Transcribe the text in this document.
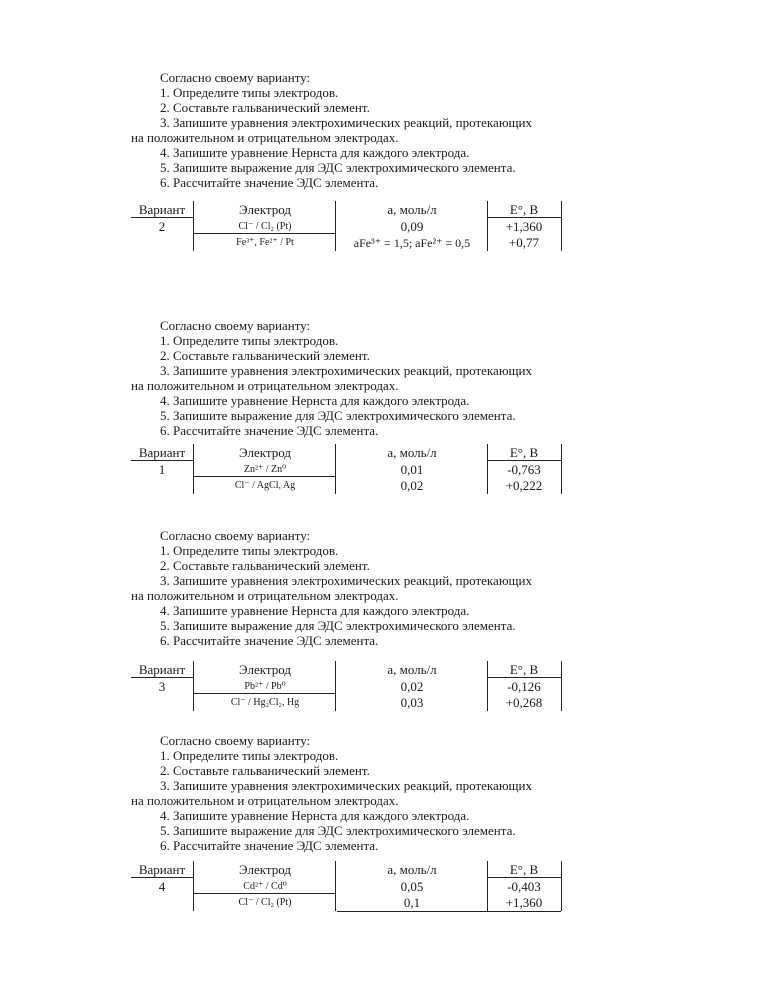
Согласно своему варианту:
1. Определите типы электродов.
2. Составьте гальванический элемент.
3. Запишите уравнения электрохимических реакций, протекающих
на положительном и отрицательном электродах.
4. Запишите уравнение Нернста для каждого электрода.
5. Запишите выражение для ЭДС электрохимического элемента.
6. Рассчитайте значение ЭДС элемента.
Вариант
2
Электрод
Cl⁻ / Cl₂ (Pt)
Fe³⁺, Fe²⁺ / Pt
a, моль/л
0,09
aFe³⁺ = 1,5; aFe²⁺ = 0,5
E°, В
+1,360
+0,77
Согласно своему варианту:
1. Определите типы электродов.
2. Составьте гальванический элемент.
3. Запишите уравнения электрохимических реакций, протекающих
на положительном и отрицательном электродах.
4. Запишите уравнение Нернста для каждого электрода.
5. Запишите выражение для ЭДС электрохимического элемента.
6. Рассчитайте значение ЭДС элемента.
Вариант
1
Электрод
Zn²⁺ / Zn⁰
Cl⁻ / AgCl, Ag
a, моль/л
0,01
0,02
E°, В
-0,763
+0,222
Согласно своему варианту:
1. Определите типы электродов.
2. Составьте гальванический элемент.
3. Запишите уравнения электрохимических реакций, протекающих
на положительном и отрицательном электродах.
4. Запишите уравнение Нернста для каждого электрода.
5. Запишите выражение для ЭДС электрохимического элемента.
6. Рассчитайте значение ЭДС элемента.
Вариант
3
Электрод
Pb²⁺ / Pb⁰
Cl⁻ / Hg₂Cl₂, Hg
a, моль/л
0,02
0,03
E°, В
-0,126
+0,268
Согласно своему варианту:
1. Определите типы электродов.
2. Составьте гальванический элемент.
3. Запишите уравнения электрохимических реакций, протекающих
на положительном и отрицательном электродах.
4. Запишите уравнение Нернста для каждого электрода.
5. Запишите выражение для ЭДС электрохимического элемента.
6. Рассчитайте значение ЭДС элемента.
Вариант
4
Электрод
Cd²⁺ / Cd⁰
Cl⁻ / Cl₂ (Pt)
a, моль/л
0,05
0,1
E°, В
-0,403
+1,360
